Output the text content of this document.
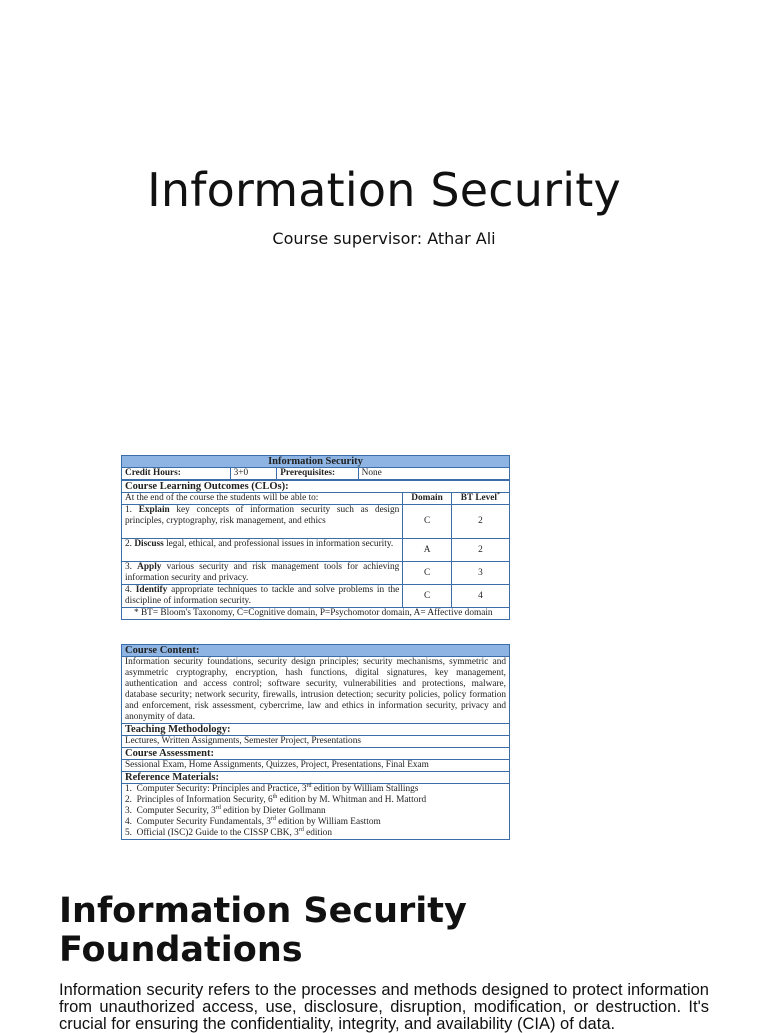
Information Security
Course supervisor: Athar Ali
Information Security
Credit Hours:	3+0	Prerequisites:	None
Course Learning Outcomes (CLOs):		
At the end of the course the students will be able to:	Domain	BT Level*
1. Explain key concepts of information security such as design principles, cryptography, risk management, and ethics	C	2
2. Discuss legal, ethical, and professional issues in information security.	A	2
3. Apply various security and risk management tools for achieving information security and privacy.	C	3
4. Identify appropriate techniques to tackle and solve problems in the discipline of information security.	C	4
* BT= Bloom's Taxonomy, C=Cognitive domain, P=Psychomotor domain, A= Affective domain		
Course Content:
Information security foundations, security design principles; security mechanisms, symmetric and asymmetric cryptography, encryption, hash functions, digital signatures, key management, authentication and access control; software security, vulnerabilities and protections, malware, database security; network security, firewalls, intrusion detection; security policies, policy formation and enforcement, risk assessment, cybercrime, law and ethics in information security, privacy and anonymity of data.
Teaching Methodology:
Lectures, Written Assignments, Semester Project, Presentations
Course Assessment:
Sessional Exam, Home Assignments, Quizzes, Project, Presentations, Final Exam
Reference Materials:

1. Computer Security: Principles and Practice, 3rd edition by William Stallings
2. Principles of Information Security, 6th edition by M. Whitman and H. Mattord
3. Computer Security, 3rd edition by Dieter Gollmann
4. Computer Security Fundamentals, 3rd edition by William Easttom
5. Official (ISC)2 Guide to the CISSP CBK, 3rd edition
Information Security
Foundations

Information security refers to the processes and methods designed to protect information from unauthorized access, use, disclosure, disruption, modification, or destruction. It's crucial for ensuring the confidentiality, integrity, and availability (CIA) of data.
